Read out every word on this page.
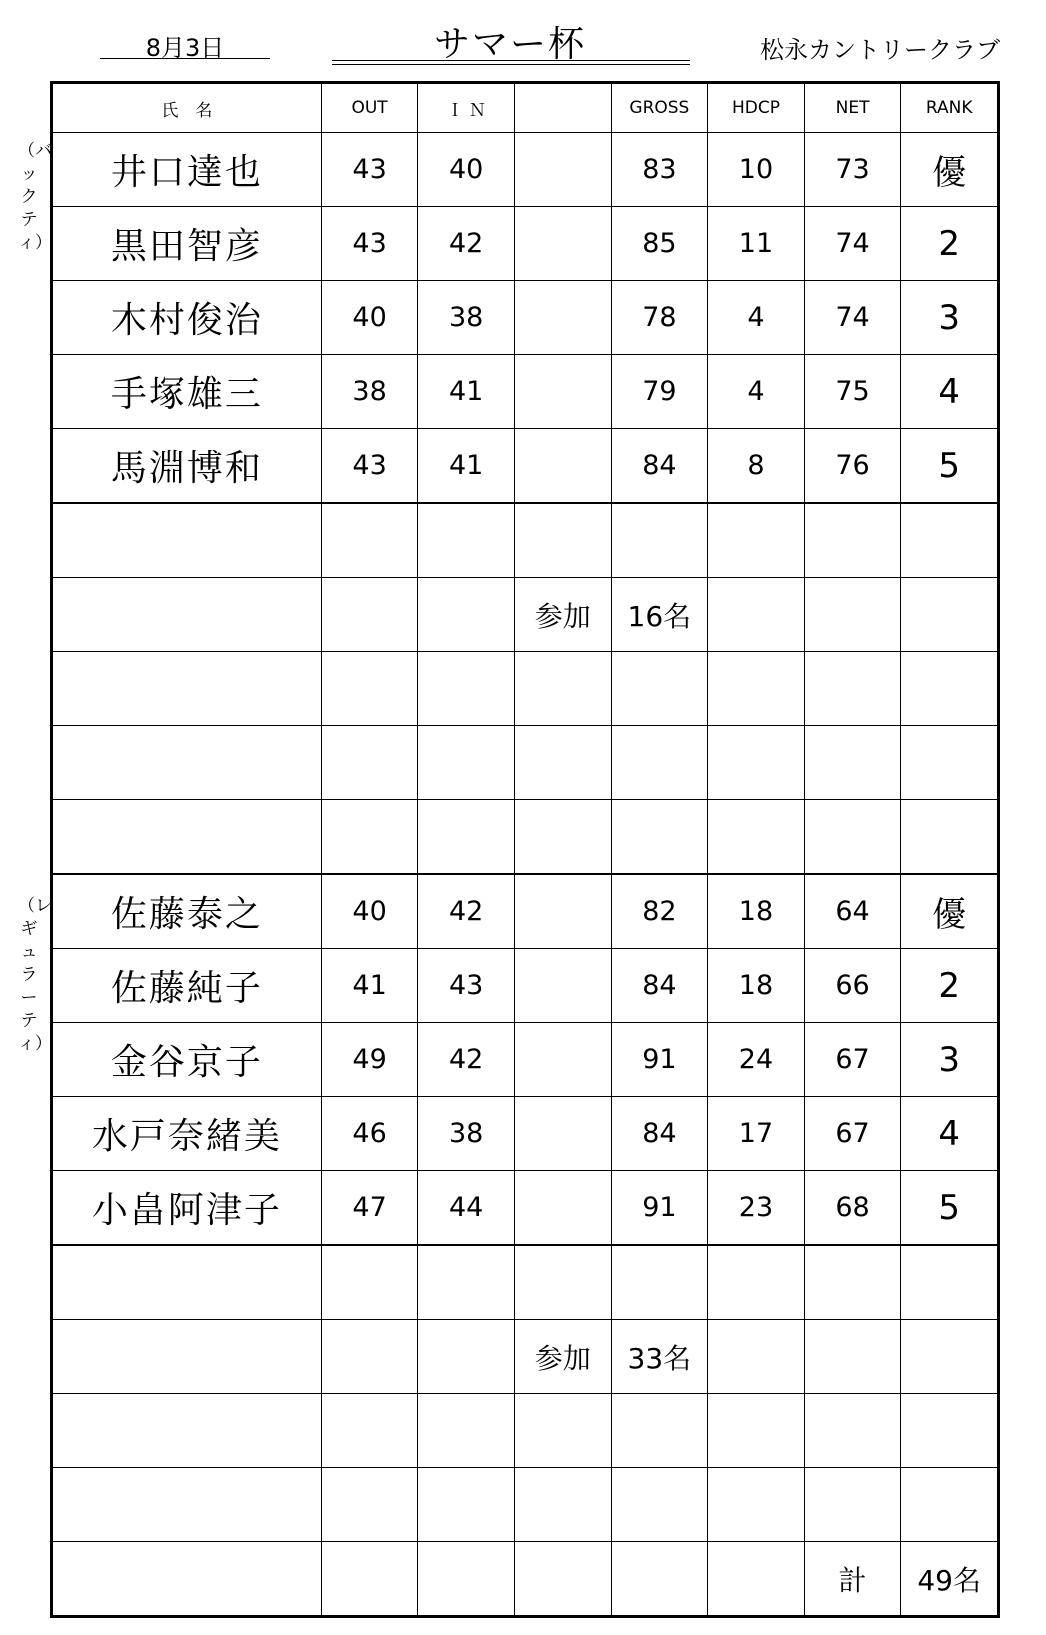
8月3日	サマー杯	松永カントリークラブ
（バックティ）
（レギュラーティ）
氏　名	OUT	Ｉ Ｎ		GROSS	HDCP	NET	RANK
井口達也	43	40		83	10	73	優
黒田智彦	43	42		85	11	74	2
木村俊治	40	38		78	4	74	3
手塚雄三	38	41		79	4	75	4
馬淵博和	43	41		84	8	76	5

			参加	16名			

佐藤泰之	40	42		82	18	64	優
佐藤純子	41	43		84	18	66	2
金谷京子	49	42		91	24	67	3
水戸奈緒美	46	38		84	17	67	4
小畠阿津子	47	44		91	23	68	5

			参加	33名			

						計	49名
